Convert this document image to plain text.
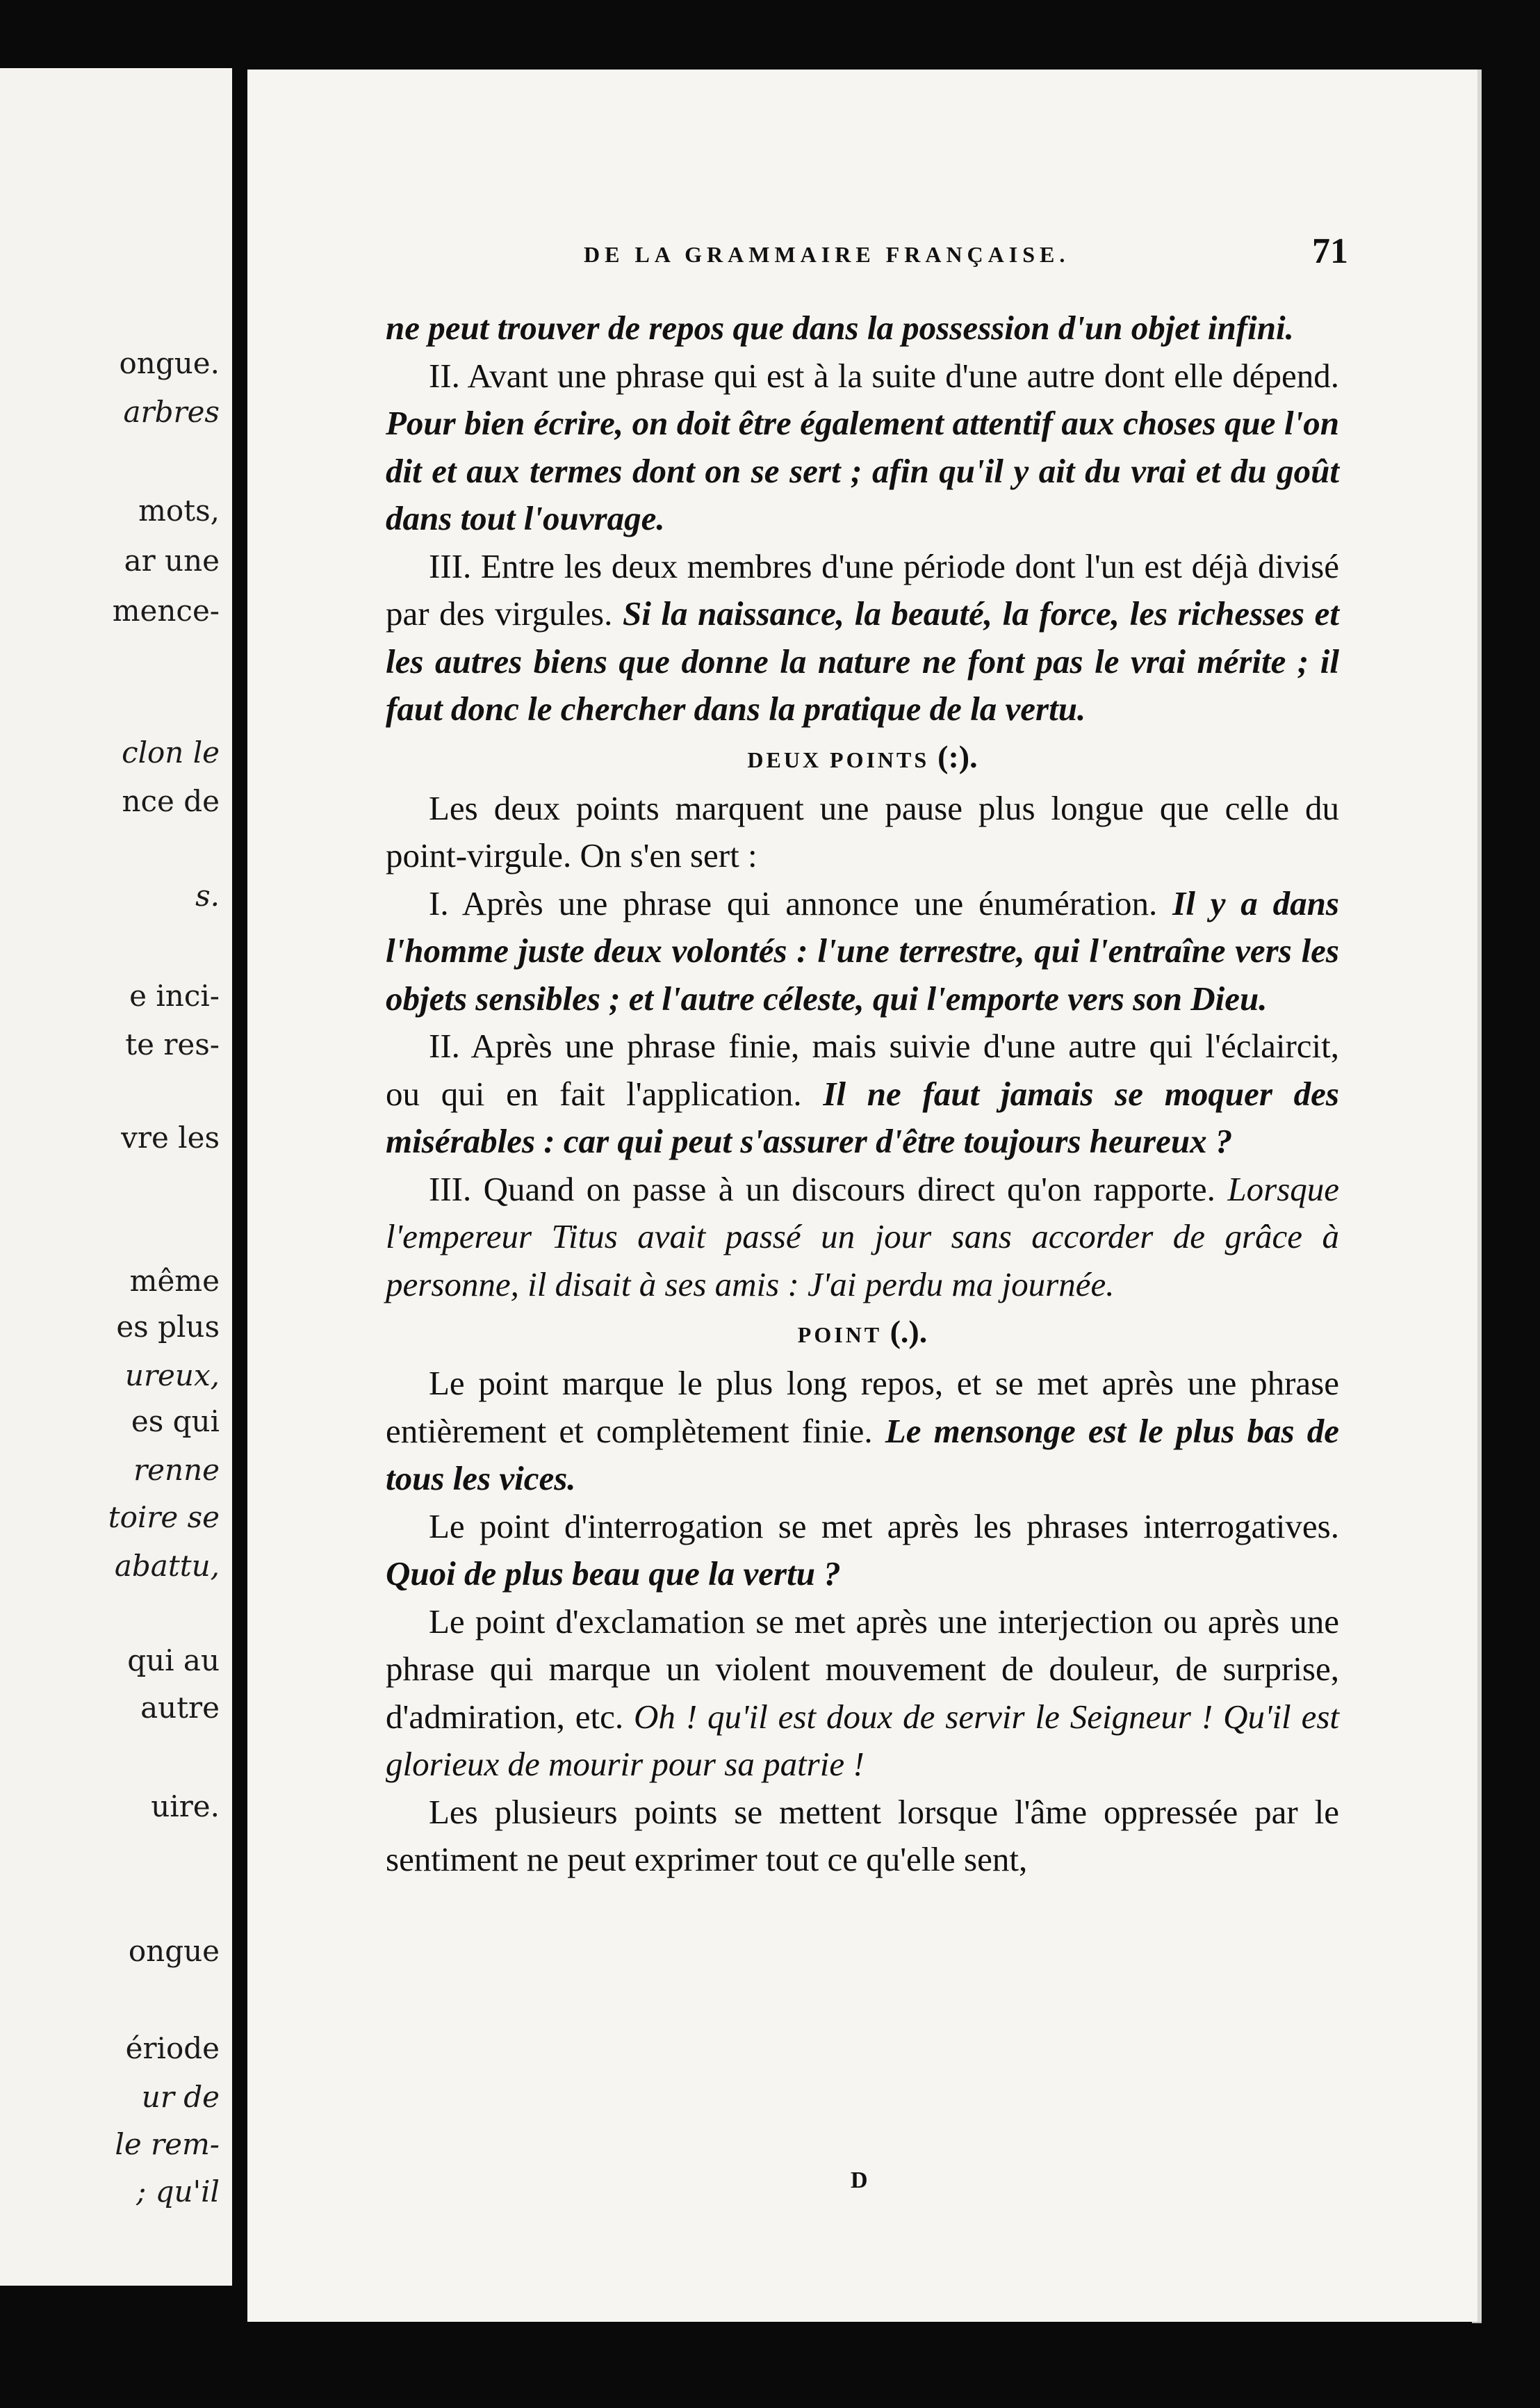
ongue.
arbres
mots,
ar une
mence-
clon le
nce de
s.
e inci-
te res-
vre les
même
es plus
ureux,
es qui
renne
toire se
abattu,
qui au
autre
uire.
ongue
ériode
ur de
le rem-
; qu'il
DE LA GRAMMAIRE FRANÇAISE.	71

ne peut trouver de repos que dans la possession d'un objet infini.

II. Avant une phrase qui est à la suite d'une autre dont elle dépend. Pour bien écrire, on doit être également attentif aux choses que l'on dit et aux termes dont on se sert ; afin qu'il y ait du vrai et du goût dans tout l'ouvrage.

III. Entre les deux membres d'une période dont l'un est déjà divisé par des virgules. Si la naissance, la beauté, la force, les richesses et les autres biens que donne la nature ne font pas le vrai mérite ; il faut donc le chercher dans la pratique de la vertu.

DEUX POINTS (:).

Les deux points marquent une pause plus longue que celle du point-virgule. On s'en sert :

I. Après une phrase qui annonce une énumération. Il y a dans l'homme juste deux volontés : l'une terrestre, qui l'entraîne vers les objets sensibles ; et l'autre céleste, qui l'emporte vers son Dieu.

II. Après une phrase finie, mais suivie d'une autre qui l'éclaircit, ou qui en fait l'application. Il ne faut jamais se moquer des misérables : car qui peut s'assurer d'être toujours heureux ?

III. Quand on passe à un discours direct qu'on rapporte. Lorsque l'empereur Titus avait passé un jour sans accorder de grâce à personne, il disait à ses amis : J'ai perdu ma journée.

POINT (.).

Le point marque le plus long repos, et se met après une phrase entièrement et complètement finie. Le mensonge est le plus bas de tous les vices.

Le point d'interrogation se met après les phrases interrogatives. Quoi de plus beau que la vertu ?

Le point d'exclamation se met après une interjection ou après une phrase qui marque un violent mouvement de douleur, de surprise, d'admiration, etc. Oh ! qu'il est doux de servir le Seigneur ! Qu'il est glorieux de mourir pour sa patrie !

Les plusieurs points se mettent lorsque l'âme oppressée par le sentiment ne peut exprimer tout ce qu'elle sent,

D
